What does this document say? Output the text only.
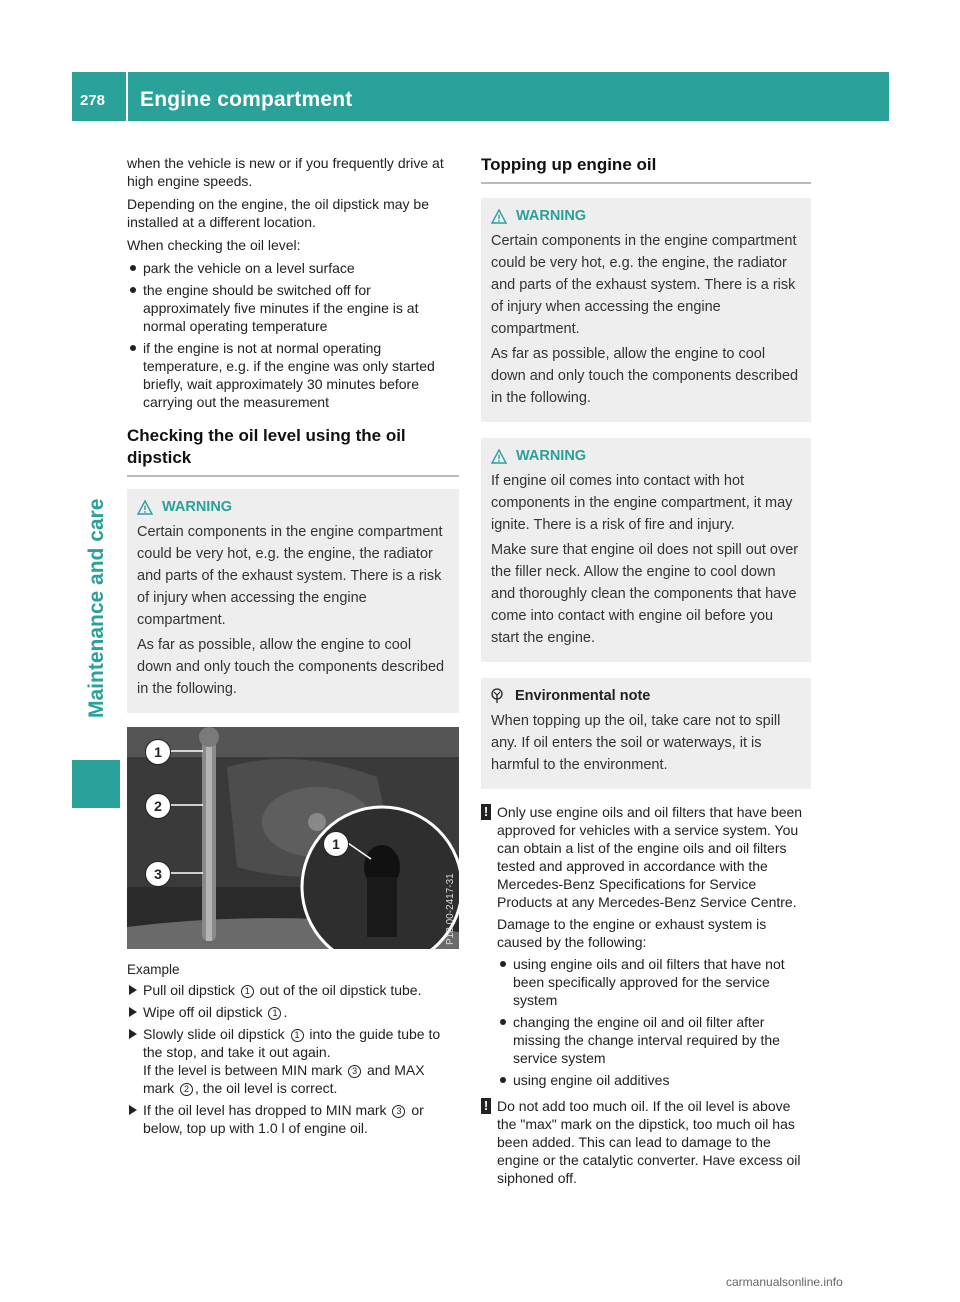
278 Engine compartment
Maintenance and care

when the vehicle is new or if you frequently drive at high engine speeds.

Depending on the engine, the oil dipstick may be installed at a different location.

When checking the oil level:

park the vehicle on a level surface
the engine should be switched off for approximately five minutes if the engine is at normal operating temperature
if the engine is not at normal operating temperature, e.g. if the engine was only started briefly, wait approximately 30 minutes before carrying out the measurement
Checking the oil level using the oil dipstick
WARNING

Certain components in the engine compartment could be very hot, e.g. the engine, the radiator and parts of the exhaust system. There is a risk of injury when accessing the engine compartment.

As far as possible, allow the engine to cool down and only touch the components described in the following.

1
2
3
1
P18.00-2417-31

Example

Pull oil dipstick 1 out of the oil dipstick tube.
Wipe off oil dipstick 1 .
Slowly slide oil dipstick 1 into the guide tube to the stop, and take it out again.
If the level is between MIN mark 3 and MAX mark 2 , the oil level is correct.
If the oil level has dropped to MIN mark 3 or below, top up with 1.0 l of engine oil.
Topping up engine oil
WARNING

Certain components in the engine compartment could be very hot, e.g. the engine, the radiator and parts of the exhaust system. There is a risk of injury when accessing the engine compartment.

As far as possible, allow the engine to cool down and only touch the components described in the following.

WARNING

If engine oil comes into contact with hot components in the engine compartment, it may ignite. There is a risk of fire and injury.

Make sure that engine oil does not spill out over the filler neck. Allow the engine to cool down and thoroughly clean the components that have come into contact with engine oil before you start the engine.

Environmental note

When topping up the oil, take care not to spill any. If oil enters the soil or waterways, it is harmful to the environment.

! Only use engine oils and oil filters that have been approved for vehicles with a service system. You can obtain a list of the engine oils and oil filters tested and approved in accordance with the Mercedes-Benz Specifications for Service Products at any Mercedes-Benz Service Centre.

Damage to the engine or exhaust system is caused by the following:

using engine oils and oil filters that have not been specifically approved for the service system
changing the engine oil and oil filter after missing the change interval required by the service system
using engine oil additives
! Do not add too much oil. If the oil level is above the "max" mark on the dipstick, too much oil has been added. This can lead to damage to the engine or the catalytic converter. Have excess oil siphoned off.

carmanualsonline.info
